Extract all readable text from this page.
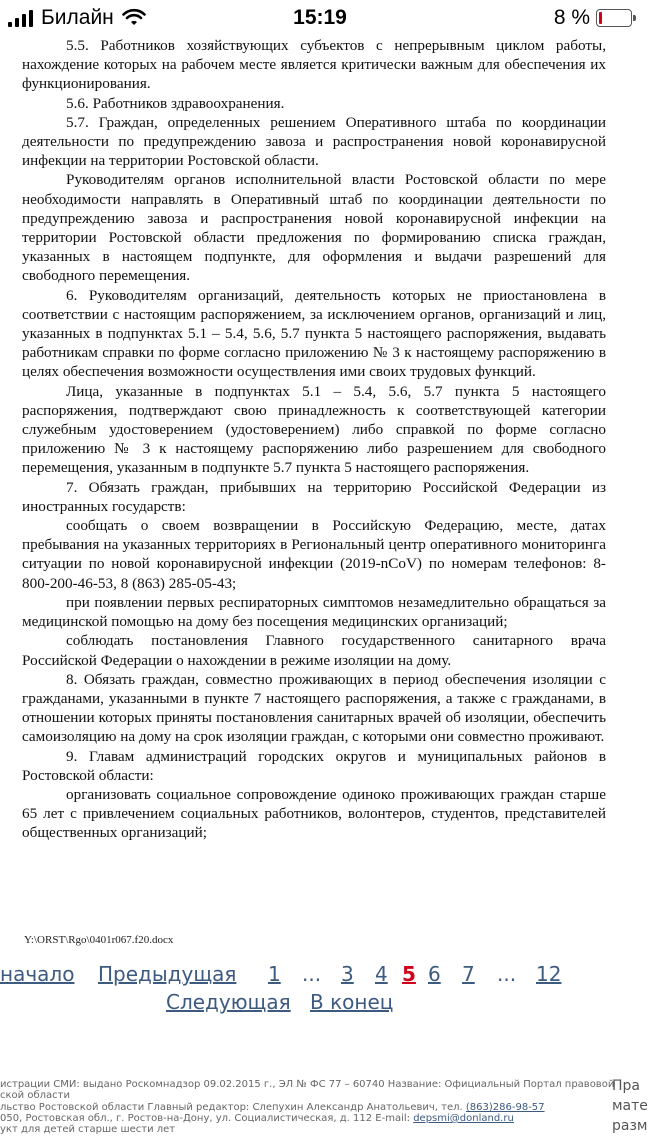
Билайн	15:19	8 %

5.5. Работников хозяйствующих субъектов с непрерывным циклом работы, нахождение которых на рабочем месте является критически важным для обеспечения их функционирования.

5.6. Работников здравоохранения.

5.7. Граждан, определенных решением Оперативного штаба по координации деятельности по предупреждению завоза и распространения новой коронавирусной инфекции на территории Ростовской области.

Руководителям органов исполнительной власти Ростовской области по мере необходимости направлять в Оперативный штаб по координации деятельности по предупреждению завоза и распространения новой коронавирусной инфекции на территории Ростовской области предложения по формированию списка граждан, указанных в настоящем подпункте, для оформления и выдачи разрешений для свободного перемещения.

6. Руководителям организаций, деятельность которых не приостановлена в соответствии с настоящим распоряжением, за исключением органов, организаций и лиц, указанных в подпунктах 5.1 – 5.4, 5.6, 5.7 пункта 5 настоящего распоряжения, выдавать работникам справки по форме согласно приложению № 3 к настоящему распоряжению в целях обеспечения возможности осуществления ими своих трудовых функций.

Лица, указанные в подпунктах 5.1 – 5.4, 5.6, 5.7 пункта 5 настоящего распоряжения, подтверждают свою принадлежность к соответствующей категории служебным удостоверением (удостоверением) либо справкой по форме согласно приложению № 3 к настоящему распоряжению либо разрешением для свободного перемещения, указанным в подпункте 5.7 пункта 5 настоящего распоряжения.

7. Обязать граждан, прибывших на территорию Российской Федерации из иностранных государств:

сообщать о своем возвращении в Российскую Федерацию, месте, датах пребывания на указанных территориях в Региональный центр оперативного мониторинга ситуации по новой коронавирусной инфекции (2019-nCoV) по номерам телефонов: 8-800-200-46-53, 8 (863) 285-05-43;

при появлении первых респираторных симптомов незамедлительно обращаться за медицинской помощью на дому без посещения медицинских организаций;

соблюдать постановления Главного государственного санитарного врача Российской Федерации о нахождении в режиме изоляции на дому.

8. Обязать граждан, совместно проживающих в период обеспечения изоляции с гражданами, указанными в пункте 7 настоящего распоряжения, а также с гражданами, в отношении которых приняты постановления санитарных врачей об изоляции, обеспечить самоизоляцию на дому на срок изоляции граждан, с которыми они совместно проживают.

9. Главам администраций городских округов и муниципальных районов в Ростовской области:

организовать социальное сопровождение одиноко проживающих граждан старше 65 лет с привлечением социальных работников, волонтеров, студентов, представителей общественных организаций;

Y:\ORST\Rgo\0401r067.f20.docx
начало Предыдущая 1 ... 3 4 5 6 7 ... 12
Следующая В конец
истрации СМИ: выдано Роскомнадзор 09.02.2015 г., ЭЛ № ФС 77 – 60740 Название: Официальный Портал правовой
ской области
льство Ростовской области Главный редактор: Слепухин Александр Анатольевич, тел. (863)286-98-57
050, Ростовская обл., г. Ростов-на-Дону, ул. Социалистическая, д. 112 E-mail: depsmi@donland.ru
укт для детей старше шести лет
Пра
мате
разм
